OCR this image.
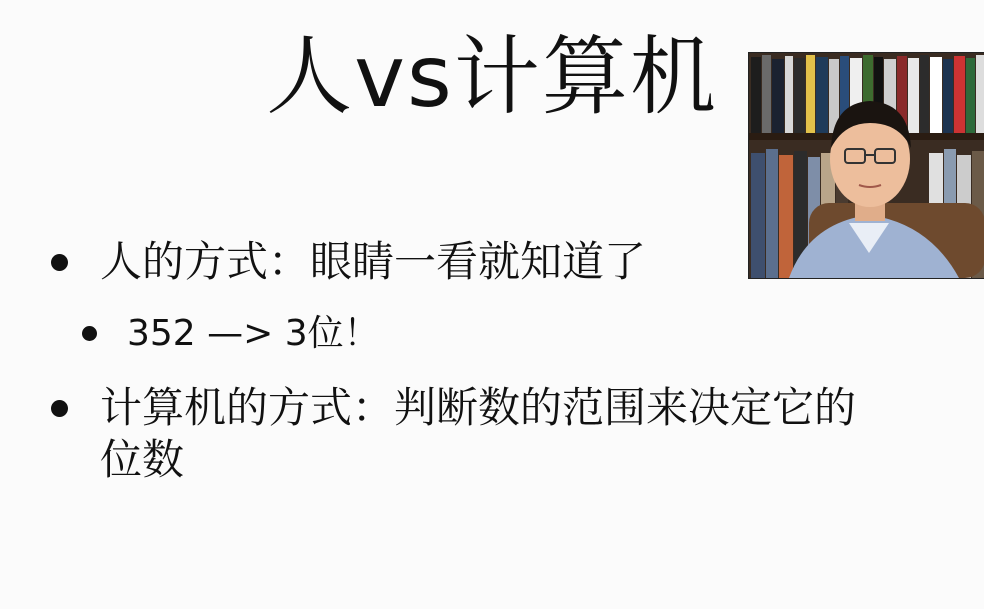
人vs计算机
人的方式：眼睛一看就知道了
352 —> 3位！
计算机的方式：判断数的范围来决定它的
位数
